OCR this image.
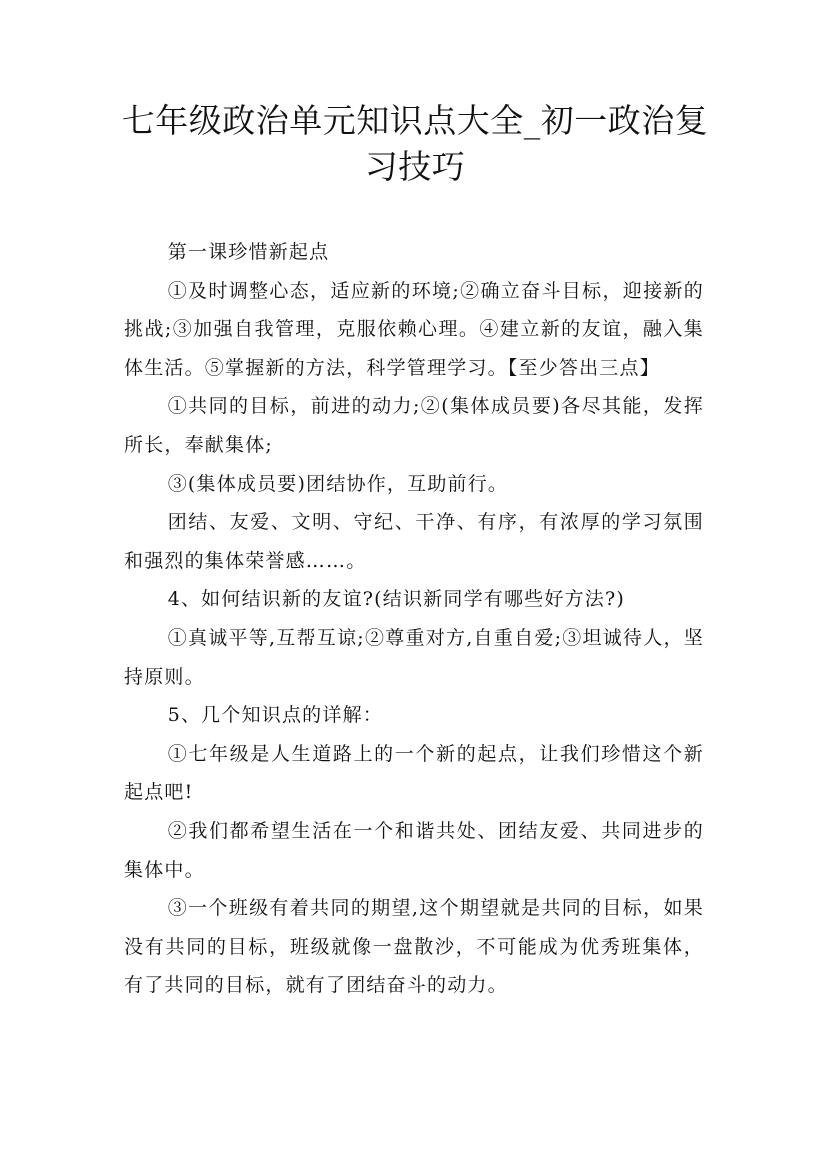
七年级政治单元知识点大全_初一政治复习技巧

第一课珍惜新起点

①及时调整心态，适应新的环境;②确立奋斗目标，迎接新的挑战;③加强自我管理，克服依赖心理。④建立新的友谊，融入集体生活。⑤掌握新的方法，科学管理学习。【至少答出三点】

①共同的目标，前进的动力;②(集体成员要)各尽其能，发挥所长，奉献集体;

③(集体成员要)团结协作，互助前行。

团结、友爱、文明、守纪、干净、有序，有浓厚的学习氛围和强烈的集体荣誉感……。

4、如何结识新的友谊?(结识新同学有哪些好方法?)

①真诚平等,互帮互谅;②尊重对方,自重自爱;③坦诚待人，坚持原则。

5、几个知识点的详解：

①七年级是人生道路上的一个新的起点，让我们珍惜这个新起点吧!

②我们都希望生活在一个和谐共处、团结友爱、共同进步的集体中。

③一个班级有着共同的期望,这个期望就是共同的目标，如果没有共同的目标，班级就像一盘散沙，不可能成为优秀班集体，有了共同的目标，就有了团结奋斗的动力。
